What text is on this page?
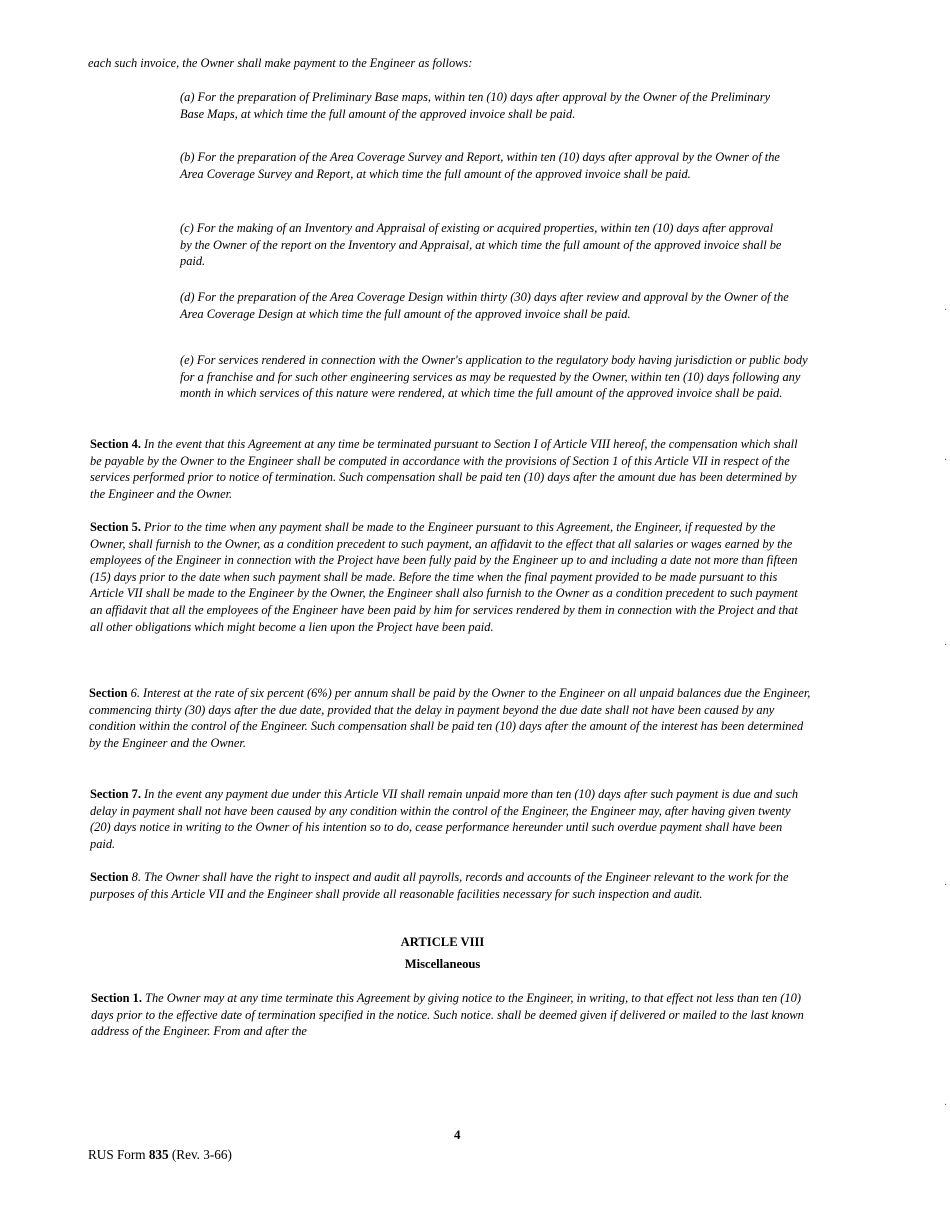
each such invoice, the Owner shall make payment to the Engineer as follows:

(a) For the preparation of Preliminary Base maps, within ten (10) days after approval by the Owner of the Preliminary Base Maps, at which time the full amount of the approved invoice shall be paid.

(b) For the preparation of the Area Coverage Survey and Report, within ten (10) days after approval by the Owner of the Area Coverage Survey and Report, at which time the full amount of the approved invoice shall be paid.

(c) For the making of an Inventory and Appraisal of existing or acquired properties, within ten (10) days after approval by the Owner of the report on the Inventory and Appraisal, at which time the full amount of the approved invoice shall be paid.

(d) For the preparation of the Area Coverage Design within thirty (30) days after review and approval by the Owner of the Area Coverage Design at which time the full amount of the approved invoice shall be paid.

(e) For services rendered in connection with the Owner's application to the regulatory body having jurisdiction or public body for a franchise and for such other engineering services as may be requested by the Owner, within ten (10) days following any month in which services of this nature were rendered, at which time the full amount of the approved invoice shall be paid.

Section 4. In the event that this Agreement at any time be terminated pursuant to Section I of Article VIII hereof, the compensation which shall be payable by the Owner to the Engineer shall be computed in accordance with the provisions of Section 1 of this Article VII in respect of the services performed prior to notice of termination. Such compensation shall be paid ten (10) days after the amount due has been determined by the Engineer and the Owner.

Section 5. Prior to the time when any payment shall be made to the Engineer pursuant to this Agreement, the Engineer, if requested by the Owner, shall furnish to the Owner, as a condition precedent to such payment, an affidavit to the effect that all salaries or wages earned by the employees of the Engineer in connection with the Project have been fully paid by the Engineer up to and including a date not more than fifteen (15) days prior to the date when such payment shall be made. Before the time when the final payment provided to be made pursuant to this Article VII shall be made to the Engineer by the Owner, the Engineer shall also furnish to the Owner as a condition precedent to such payment an affidavit that all the employees of the Engineer have been paid by him for services rendered by them in connection with the Project and that all other obligations which might become a lien upon the Project have been paid.

Section 6. Interest at the rate of six percent (6%) per annum shall be paid by the Owner to the Engineer on all unpaid balances due the Engineer, commencing thirty (30) days after the due date, provided that the delay in payment beyond the due date shall not have been caused by any condition within the control of the Engineer. Such compensation shall be paid ten (10) days after the amount of the interest has been determined by the Engineer and the Owner.

Section 7. In the event any payment due under this Article VII shall remain unpaid more than ten (10) days after such payment is due and such delay in payment shall not have been caused by any condition within the control of the Engineer, the Engineer may, after having given twenty (20) days notice in writing to the Owner of his intention so to do, cease performance hereunder until such overdue payment shall have been paid.

Section 8. The Owner shall have the right to inspect and audit all payrolls, records and accounts of the Engineer relevant to the work for the purposes of this Article VII and the Engineer shall provide all reasonable facilities necessary for such inspection and audit.

ARTICLE VIII

Miscellaneous

Section 1. The Owner may at any time terminate this Agreement by giving notice to the Engineer, in writing, to that effect not less than ten (10) days prior to the effective date of termination specified in the notice. Such notice. shall be deemed given if delivered or mailed to the last known address of the Engineer. From and after the

4

RUS Form 835 (Rev. 3-66)

·
·
·
·
·
